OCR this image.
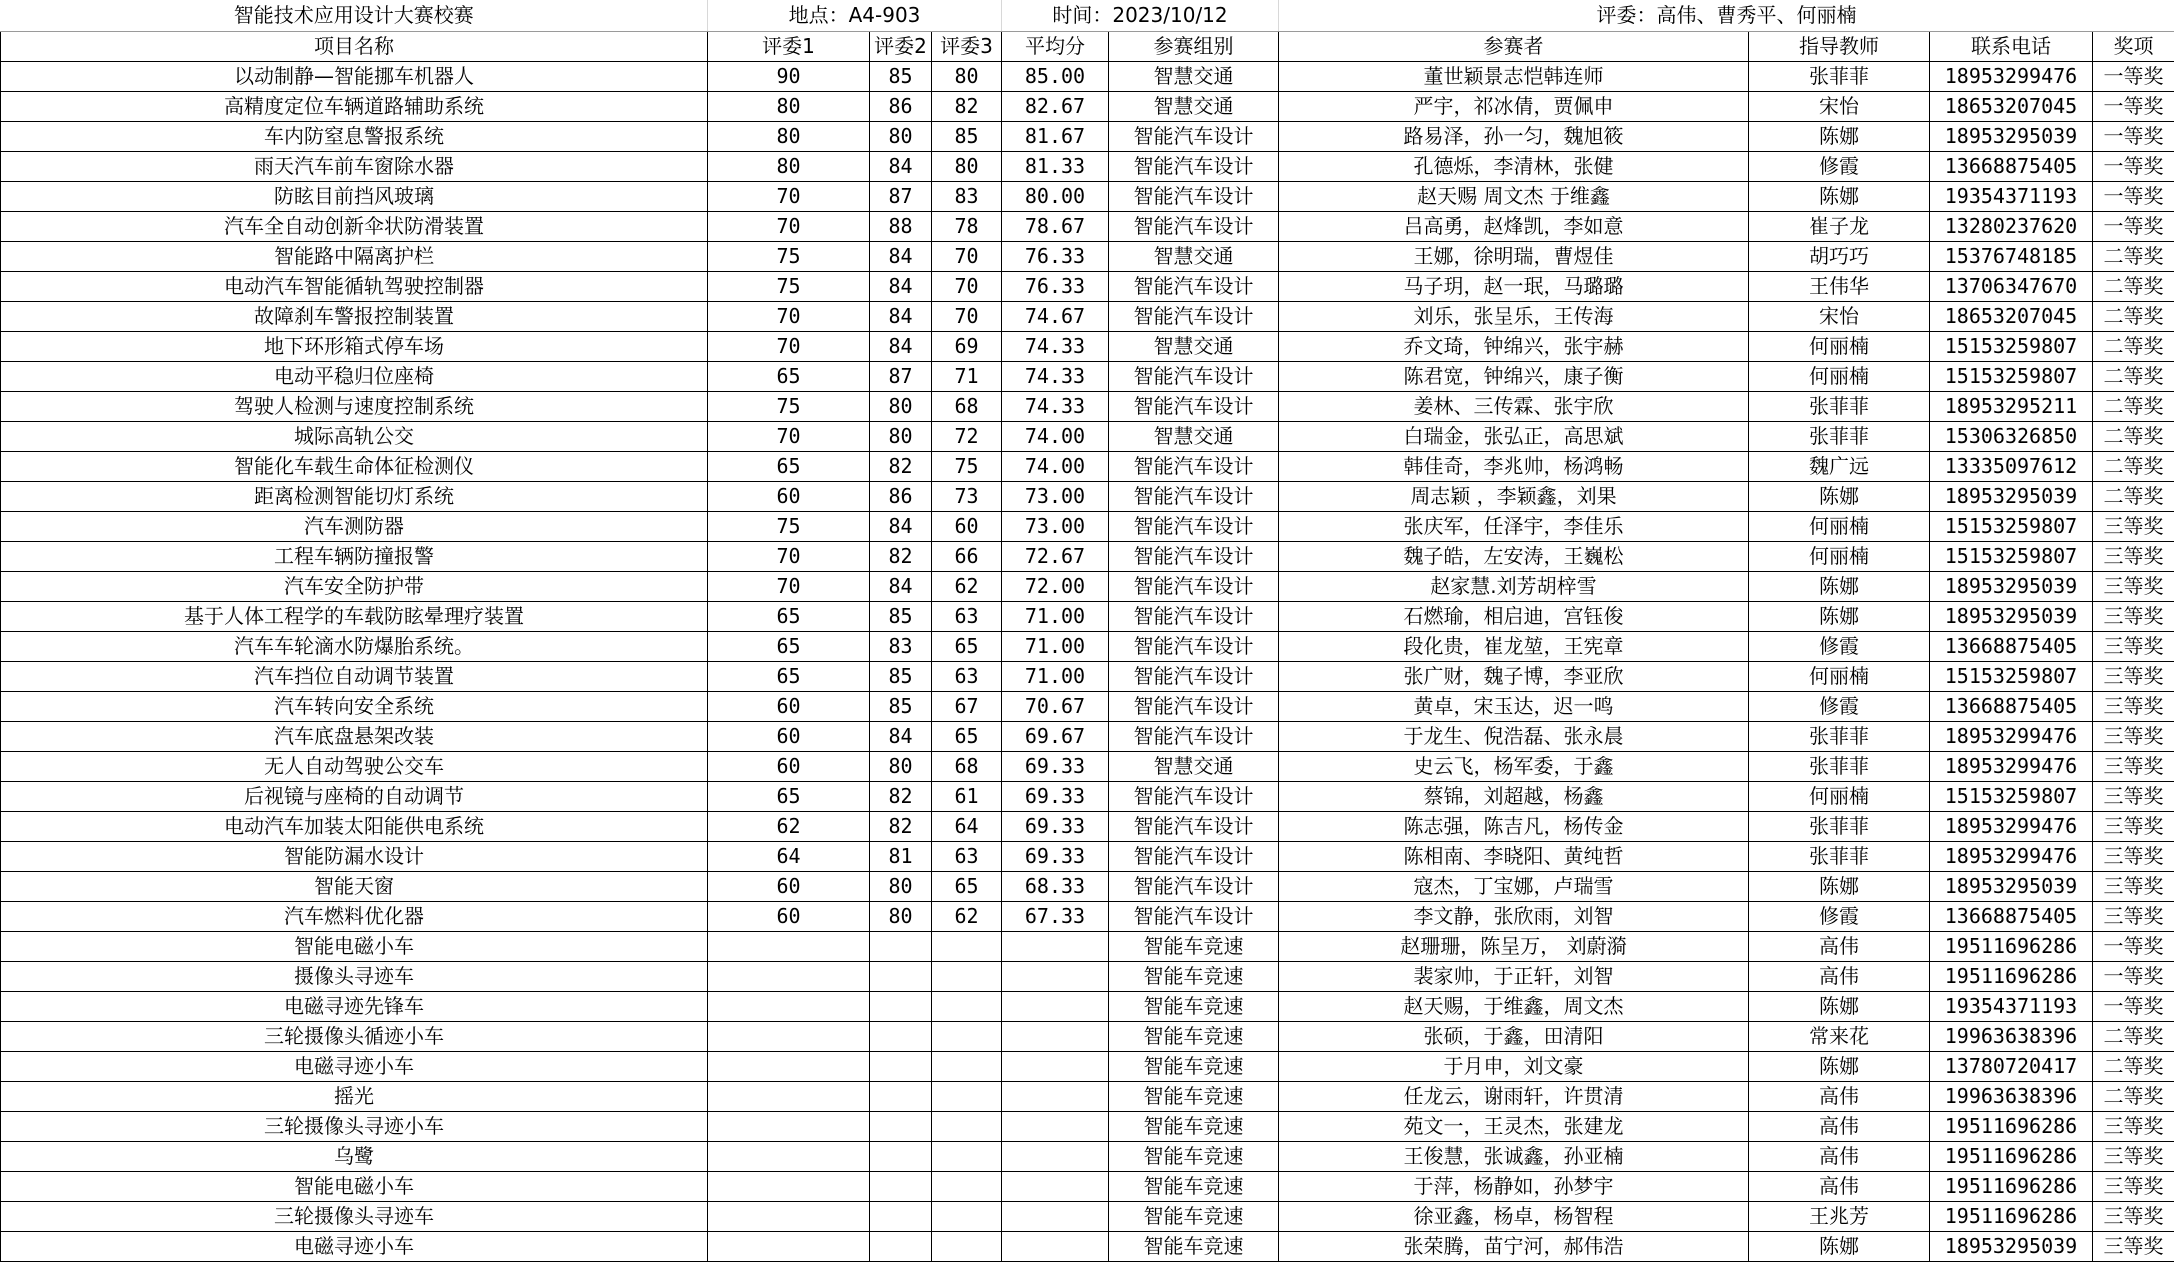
智能技术应用设计大赛校赛	地点：A4-903			时间：2023/10/12		评委：高伟、曹秀平、何丽楠			
项目名称	评委1	评委2	评委3	平均分	参赛组别	参赛者	指导教师	联系电话	奖项
以动制静—智能挪车机器人	90	85	80	85.00	智慧交通	董世颖景志恺韩连师	张菲菲	18953299476	一等奖
高精度定位车辆道路辅助系统	80	86	82	82.67	智慧交通	严宇，祁冰倩，贾佩申	宋怡	18653207045	一等奖
车内防窒息警报系统	80	80	85	81.67	智能汽车设计	路易泽，孙一匀，魏旭筱	陈娜	18953295039	一等奖
雨天汽车前车窗除水器	80	84	80	81.33	智能汽车设计	孔德烁，李清林，张健	修霞	13668875405	一等奖
防眩目前挡风玻璃	70	87	83	80.00	智能汽车设计	赵天赐 周文杰 于维鑫	陈娜	19354371193	一等奖
汽车全自动创新伞状防滑装置	70	88	78	78.67	智能汽车设计	吕高勇，赵烽凯，李如意	崔子龙	13280237620	一等奖
智能路中隔离护栏	75	84	70	76.33	智慧交通	王娜，徐明瑞，曹煜佳	胡巧巧	15376748185	二等奖
电动汽车智能循轨驾驶控制器	75	84	70	76.33	智能汽车设计	马子玥，赵一珉，马璐璐	王伟华	13706347670	二等奖
故障刹车警报控制装置	70	84	70	74.67	智能汽车设计	刘乐，张呈乐，王传海	宋怡	18653207045	二等奖
地下环形箱式停车场	70	84	69	74.33	智慧交通	乔文琦，钟绵兴，张宇赫	何丽楠	15153259807	二等奖
电动平稳归位座椅	65	87	71	74.33	智能汽车设计	陈君宽，钟绵兴，康子衡	何丽楠	15153259807	二等奖
驾驶人检测与速度控制系统	75	80	68	74.33	智能汽车设计	姜林、三传霖、张宇欣	张菲菲	18953295211	二等奖
城际高轨公交	70	80	72	74.00	智慧交通	白瑞金，张弘正，高思斌	张菲菲	15306326850	二等奖
智能化车载生命体征检测仪	65	82	75	74.00	智能汽车设计	韩佳奇，李兆帅，杨鸿畅	魏广远	13335097612	二等奖
距离检测智能切灯系统	60	86	73	73.00	智能汽车设计	周志颖 ，李颖鑫，刘果	陈娜	18953295039	二等奖
汽车测防器	75	84	60	73.00	智能汽车设计	张庆军，任泽宇，李佳乐	何丽楠	15153259807	三等奖
工程车辆防撞报警	70	82	66	72.67	智能汽车设计	魏子皓，左安涛，王巍松	何丽楠	15153259807	三等奖
汽车安全防护带	70	84	62	72.00	智能汽车设计	赵家慧.刘芳胡梓雪	陈娜	18953295039	三等奖
基于人体工程学的车载防眩晕理疗装置	65	85	63	71.00	智能汽车设计	石燃瑜，相启迪，宫钰俊	陈娜	18953295039	三等奖
汽车车轮滴水防爆胎系统。	65	83	65	71.00	智能汽车设计	段化贵，崔龙堃，王宪章	修霞	13668875405	三等奖
汽车挡位自动调节装置	65	85	63	71.00	智能汽车设计	张广财，魏子博，李亚欣	何丽楠	15153259807	三等奖
汽车转向安全系统	60	85	67	70.67	智能汽车设计	黄卓，宋玉达，迟一鸣	修霞	13668875405	三等奖
汽车底盘悬架改装	60	84	65	69.67	智能汽车设计	于龙生、倪浩磊、张永晨	张菲菲	18953299476	三等奖
无人自动驾驶公交车	60	80	68	69.33	智慧交通	史云飞，杨军委，于鑫	张菲菲	18953299476	三等奖
后视镜与座椅的自动调节	65	82	61	69.33	智能汽车设计	蔡锦，刘超越，杨鑫	何丽楠	15153259807	三等奖
电动汽车加装太阳能供电系统	62	82	64	69.33	智能汽车设计	陈志强，陈吉凡，杨传金	张菲菲	18953299476	三等奖
智能防漏水设计	64	81	63	69.33	智能汽车设计	陈相南、李晓阳、黄纯哲	张菲菲	18953299476	三等奖
智能天窗	60	80	65	68.33	智能汽车设计	寇杰，丁宝娜，卢瑞雪	陈娜	18953295039	三等奖
汽车燃料优化器	60	80	62	67.33	智能汽车设计	李文静，张欣雨，刘智	修霞	13668875405	三等奖
智能电磁小车					智能车竞速	赵珊珊，陈呈万， 刘蔚漪	高伟	19511696286	一等奖
摄像头寻迹车					智能车竞速	裴家帅，于正轩，刘智	高伟	19511696286	一等奖
电磁寻迹先锋车					智能车竞速	赵天赐，于维鑫，周文杰	陈娜	19354371193	一等奖
三轮摄像头循迹小车					智能车竞速	张硕，于鑫，田清阳	常来花	19963638396	二等奖
电磁寻迹小车					智能车竞速	于月申，刘文豪	陈娜	13780720417	二等奖
摇光					智能车竞速	任龙云，谢雨轩，许贯清	高伟	19963638396	二等奖
三轮摄像头寻迹小车					智能车竞速	苑文一，王灵杰，张建龙	高伟	19511696286	三等奖
乌鹭					智能车竞速	王俊慧，张诚鑫，孙亚楠	高伟	19511696286	三等奖
智能电磁小车					智能车竞速	于萍，杨静如，孙梦宇	高伟	19511696286	三等奖
三轮摄像头寻迹车					智能车竞速	徐亚鑫，杨卓，杨智程	王兆芳	19511696286	三等奖
电磁寻迹小车					智能车竞速	张荣腾，苗宁河，郝伟浩	陈娜	18953295039	三等奖
